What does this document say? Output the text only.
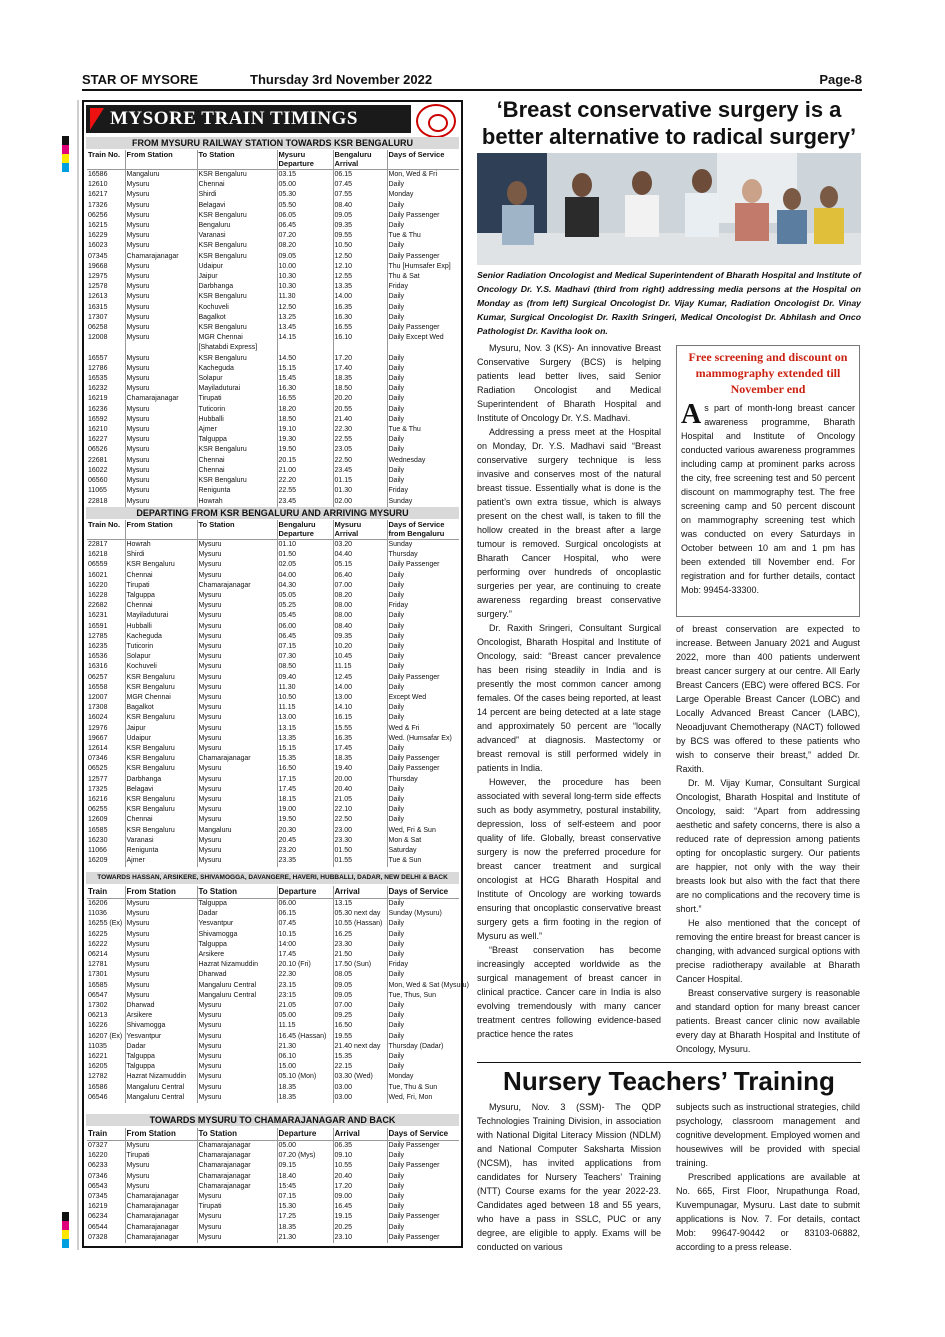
STAR OF MYSORE	Thursday 3rd November 2022	Page-8
MYSORE TRAIN TIMINGS
FROM MYSURU RAILWAY STATION TOWARDS KSR BENGALURU
Train No.	From Station	To Station	Mysuru Departure	Bengaluru Arrival	Days of Service
16586	Mangaluru	KSR Bengaluru	03.15	06.15	Mon, Wed & Fri
12610	Mysuru	Chennai	05.00	07.45	Daily
16217	Mysuru	Shirdi	05.30	07.55	Monday
17326	Mysuru	Belagavi	05.50	08.40	Daily
06256	Mysuru	KSR Bengaluru	06.05	09.05	Daily Passenger
16215	Mysuru	Bengaluru	06.45	09.35	Daily
16229	Mysuru	Varanasi	07.20	09.55	Tue & Thu
16023	Mysuru	KSR Bengaluru	08.20	10.50	Daily
07345	Chamarajanagar	KSR Bengaluru	09.05	12.50	Daily Passenger
19668	Mysuru	Udaipur	10.00	12.10	Thu [Humsafer Exp]
12975	Mysuru	Jaipur	10.30	12.55	Thu & Sat
12578	Mysuru	Darbhanga	10.30	13.35	Friday
12613	Mysuru	KSR Bengaluru	11.30	14.00	Daily
16315	Mysuru	Kochuveli	12.50	16.35	Daily
17307	Mysuru	Bagalkot	13.25	16.30	Daily
06258	Mysuru	KSR Bengaluru	13.45	16.55	Daily Passenger
12008	Mysuru	MGR Chennai	14.15	16.10	Daily Except Wed
		[Shatabdi Express]			
16557	Mysuru	KSR Bengaluru	14.50	17.20	Daily
12786	Mysuru	Kacheguda	15.15	17.40	Daily
16535	Mysuru	Solapur	15.45	18.35	Daily
16232	Mysuru	Mayiladuturai	16.30	18.50	Daily
16219	Chamarajanagar	Tirupati	16.55	20.20	Daily
16236	Mysuru	Tuticorin	18.20	20.55	Daily
16592	Mysuru	Hubballi	18.50	21.40	Daily
16210	Mysuru	Ajmer	19.10	22.30	Tue & Thu
16227	Mysuru	Talguppa	19.30	22.55	Daily
06526	Mysuru	KSR Bengaluru	19.50	23.05	Daily
22681	Mysuru	Chennai	20.15	22.50	Wednesday
16022	Mysuru	Chennai	21.00	23.45	Daily
06560	Mysuru	KSR Bengaluru	22.20	01.15	Daily
11065	Mysuru	Renigunta	22.55	01.30	Friday
22818	Mysuru	Howrah	23.45	02.00	Sunday
DEPARTING FROM KSR BENGALURU AND ARRIVING MYSURU
Train No.	From Station	To Station	Bengaluru Departure	Mysuru Arrival	Days of Service from Bengaluru
22817	Howrah	Mysuru	01.10	03.20	Sunday
16218	Shirdi	Mysuru	01.50	04.40	Thursday
06559	KSR Bengaluru	Mysuru	02.05	05.15	Daily Passenger
16021	Chennai	Mysuru	04.00	06.40	Daily
16220	Tirupati	Chamarajanagar	04.30	07.00	Daily
16228	Talguppa	Mysuru	05.05	08.20	Daily
22682	Chennai	Mysuru	05.25	08.00	Friday
16231	Mayiladuturai	Mysuru	05.45	08.00	Daily
16591	Hubballi	Mysuru	06.00	08.40	Daily
12785	Kacheguda	Mysuru	06.45	09.35	Daily
16235	Tuticorin	Mysuru	07.15	10.20	Daily
16536	Solapur	Mysuru	07.30	10.45	Daily
16316	Kochuveli	Mysuru	08.50	11.15	Daily
06257	KSR Bengaluru	Mysuru	09.40	12.45	Daily Passenger
16558	KSR Bengaluru	Mysuru	11.30	14.00	Daily
12007	MGR Chennai	Mysuru	10.50	13.00	Except Wed
17308	Bagalkot	Mysuru	11.15	14.10	Daily
16024	KSR Bengaluru	Mysuru	13.00	16.15	Daily
12976	Jaipur	Mysuru	13.15	15.55	Wed & Fri
19667	Udaipur	Mysuru	13.35	16.35	Wed. (Humsafar Ex)
12614	KSR Bengaluru	Mysuru	15.15	17.45	Daily
07346	KSR Bengaluru	Chamarajanagar	15.35	18.35	Daily Passenger
06525	KSR Bengaluru	Mysuru	16.50	19.40	Daily Passenger
12577	Darbhanga	Mysuru	17.15	20.00	Thursday
17325	Belagavi	Mysuru	17.45	20.40	Daily
16216	KSR Bengaluru	Mysuru	18.15	21.05	Daily
06255	KSR Bengaluru	Mysuru	19.00	22.10	Daily
12609	Chennai	Mysuru	19.50	22.50	Daily
16585	KSR Bengaluru	Mangaluru	20.30	23.00	Wed, Fri & Sun
16230	Varanasi	Mysuru	20.45	23.30	Mon & Sat
11066	Renigunta	Mysuru	23.20	01.50	Saturday
16209	Ajmer	Mysuru	23.35	01.55	Tue & Sun
TOWARDS HASSAN, ARSIKERE, SHIVAMOGGA, DAVANGERE, HAVERI, HUBBALLI, DADAR, NEW DELHI & BACK
Train	From Station	To Station	Departure	Arrival	Days of Service
16206	Mysuru	Talguppa	06.00	13.15	Daily
11036	Mysuru	Dadar	06.15	05.30 next day	Sunday (Mysuru)
16255 (Ex)	Mysuru	Yesvantpur	07.45	10.55 (Hassan)	Daily
16225	Mysuru	Shivamogga	10.15	16.25	Daily
16222	Mysuru	Talguppa	14:00	23.30	Daily
06214	Mysuru	Arsikere	17.45	21.50	Daily
12781	Mysuru	Hazrat Nizamuddin	20.10 (Fri)	17.50 (Sun)	Friday
17301	Mysuru	Dharwad	22.30	08.05	Daily
16585	Mysuru	Mangaluru Central	23.15	09.05	Mon, Wed & Sat (Mysuru)
06547	Mysuru	Mangaluru Central	23:15	09.05	Tue, Thus, Sun
17302	Dharwad	Mysuru	21.05	07.00	Daily
06213	Arsikere	Mysuru	05.00	09.25	Daily
16226	Shivamogga	Mysuru	11.15	16.50	Daily
16207 (Ex)	Yesvantpur	Mysuru	16.45 (Hassan)	19.55	Daily
11035	Dadar	Mysuru	21.30	21.40 next day	Thursday (Dadar)
16221	Talguppa	Mysuru	06.10	15.35	Daily
16205	Talguppa	Mysuru	15.00	22.15	Daily
12782	Hazrat Nizamuddin	Mysuru	05.10 (Mon)	03.30 (Wed)	Monday
16586	Mangaluru Central	Mysuru	18.35	03.00	Tue, Thu & Sun
06546	Mangaluru Central	Mysuru	18.35	03.00	Wed, Fri, Mon
TOWARDS MYSURU TO CHAMARAJANAGAR AND BACK
Train	From Station	To Station	Departure	Arrival	Days of Service
07327	Mysuru	Chamarajanagar	05.00	06.35	Daily Passenger
16220	Tirupati	Chamarajanagar	07.20 (Mys)	09.10	Daily
06233	Mysuru	Chamarajanagar	09.15	10.55	Daily Passenger
07346	Mysuru	Chamarajanagar	18.40	20.40	Daily
06543	Mysuru	Chamarajanagar	15:45	17.20	Daily
07345	Chamarajanagar	Mysuru	07.15	09.00	Daily
16219	Chamarajanagar	Tirupati	15.30	16.45	Daily
06234	Chamarajanagar	Mysuru	17.25	19.15	Daily Passenger
06544	Chamarajanagar	Mysuru	18.35	20.25	Daily
07328	Chamarajanagar	Mysuru	21.30	23.10	Daily Passenger
‘Breast conservative surgery is a better alternative to radical surgery’
Senior Radiation Oncologist and Medical Superintendent of Bharath Hospital and Institute of Oncology Dr. Y.S. Madhavi (third from right) addressing media persons at the Hospital on Monday as (from left) Surgical Oncologist Dr. Vijay Kumar, Radiation Oncologist Dr. Vinay Kumar, Surgical Oncologist Dr. Raxith Sringeri, Medical Oncologist Dr. Abhilash and Onco Pathologist Dr. Kavitha look on.

Mysuru, Nov. 3 (KS)- An innovative Breast Conservative Surgery (BCS) is helping patients lead better lives, said Senior Radiation Oncologist and Medical Superintendent of Bharath Hospital and Institute of Oncology Dr. Y.S. Madhavi.

Addressing a press meet at the Hospital on Monday, Dr. Y.S. Madhavi said “Breast conservative surgery technique is less invasive and conserves most of the natural breast tissue. Essentially what is done is the patient’s own extra tissue, which is always present on the chest wall, is taken to fill the hollow created in the breast after a large tumour is removed. Surgical oncologists at Bharath Cancer Hospital, who were performing over hundreds of oncoplastic surgeries per year, are continuing to create awareness regarding breast conservative surgery.”

Dr. Raxith Sringeri, Consultant Surgical Oncologist, Bharath Hospital and Institute of Oncology, said: “Breast cancer prevalence has been rising steadily in India and is presently the most common cancer among females. Of the cases being reported, at least 14 percent are being detected at a late stage and approximately 50 percent are “locally advanced” at diagnosis. Mastectomy or breast removal is still performed widely in patients in India.

However, the procedure has been associated with several long-term side effects such as body asymmetry, postural instability, depression, loss of self-esteem and poor quality of life. Globally, breast conservative surgery is now the preferred procedure for breast cancer treatment and surgical oncologist at HCG Bharath Hospital and Institute of Oncology are working towards ensuring that oncoplastic conservative breast surgery gets a firm footing in the region of Mysuru as well.”

“Breast conservation has become increasingly accepted worldwide as the surgical management of breast cancer in clinical practice. Cancer care in India is also evolving tremendously with many cancer treatment centres following evidence-based practice hence the rates

Free screening and discount on mammography extended till November end
As part of month-long breast cancer awareness programme, Bharath Hospital and Institute of Oncology conducted various awareness programmes including camp at prominent parks across the city, free screening test and 50 percent discount on mammography test. The free screening camp and 50 percent discount on mammography screening test which was conducted on every Saturdays in October between 10 am and 1 pm has been extended till November end. For registration and for further details, contact Mob: 99454-33300.

of breast conservation are expected to increase. Between January 2021 and August 2022, more than 400 patients underwent breast cancer surgery at our centre. All Early Breast Cancers (EBC) were offered BCS. For Large Operable Breast Cancer (LOBC) and Locally Advanced Breast Cancer (LABC), Neoadjuvant Chemotherapy (NACT) followed by BCS was offered to these patients who wish to conserve their breast,” added Dr. Raxith.

Dr. M. Vijay Kumar, Consultant Surgical Oncologist, Bharath Hospital and Institute of Oncology, said: “Apart from addressing aesthetic and safety concerns, there is also a reduced rate of depression among patients opting for oncoplastic surgery. Our patients are happier, not only with the way their breasts look but also with the fact that there are no complications and the recovery time is short.”

He also mentioned that the concept of removing the entire breast for breast cancer is changing, with advanced surgical options with precise radiotherapy available at Bharath Cancer Hospital.

Breast conservative surgery is reasonable and standard option for many breast cancer patients. Breast cancer clinic now available every day at Bharath Hospital and Institute of Oncology, Mysuru.

Nursery Teachers’ Training

Mysuru, Nov. 3 (SSM)- The QDP Technologies Training Division, in association with National Digital Literacy Mission (NDLM) and National Computer Saksharta Mission (NCSM), has invited applications from candidates for Nursery Teachers’ Training (NTT) Course exams for the year 2022-23. Candidates aged between 18 and 55 years, who have a pass in SSLC, PUC or any degree, are eligible to apply. Exams will be conducted on various

subjects such as instructional strategies, child psychology, classroom management and cognitive development. Employed women and housewives will be provided with special training.

Prescribed applications are available at No. 665, First Floor, Nrupathunga Road, Kuvempunagar, Mysuru. Last date to submit applications is Nov. 7. For details, contact Mob: 99647-90442 or 83103-06882, according to a press release.
